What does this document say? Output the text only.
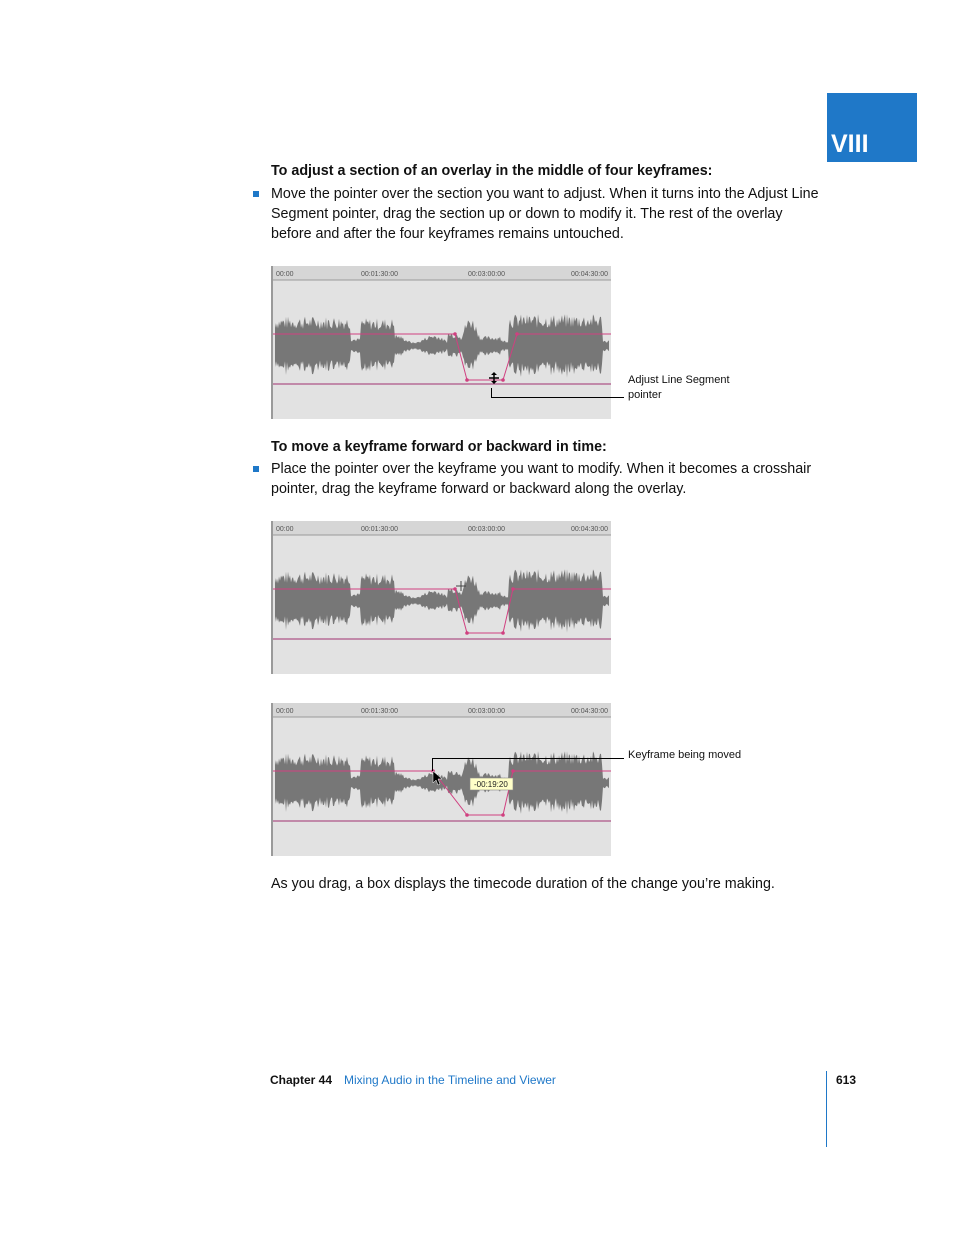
VIII
To adjust a section of an overlay in the middle of four keyframes:
Move the pointer over the section you want to adjust. When it turns into the Adjust Line Segment pointer, drag the section up or down to modify it. The rest of the overlay before and after the four keyframes remains untouched.
00:00	00:01:30:00	00:03:00:00	00:04:30:00
Adjust Line Segment pointer
To move a keyframe forward or backward in time:
Place the pointer over the keyframe you want to modify. When it becomes a crosshair pointer, drag the keyframe forward or backward along the overlay.
00:00	00:01:30:00	00:03:00:00	00:04:30:00
00:00	00:01:30:00	00:03:00:00	00:04:30:00
-00:19:20
Keyframe being moved
As you drag, a box displays the timecode duration of the change you’re making.
Chapter 44 Mixing Audio in the Timeline and Viewer	613
